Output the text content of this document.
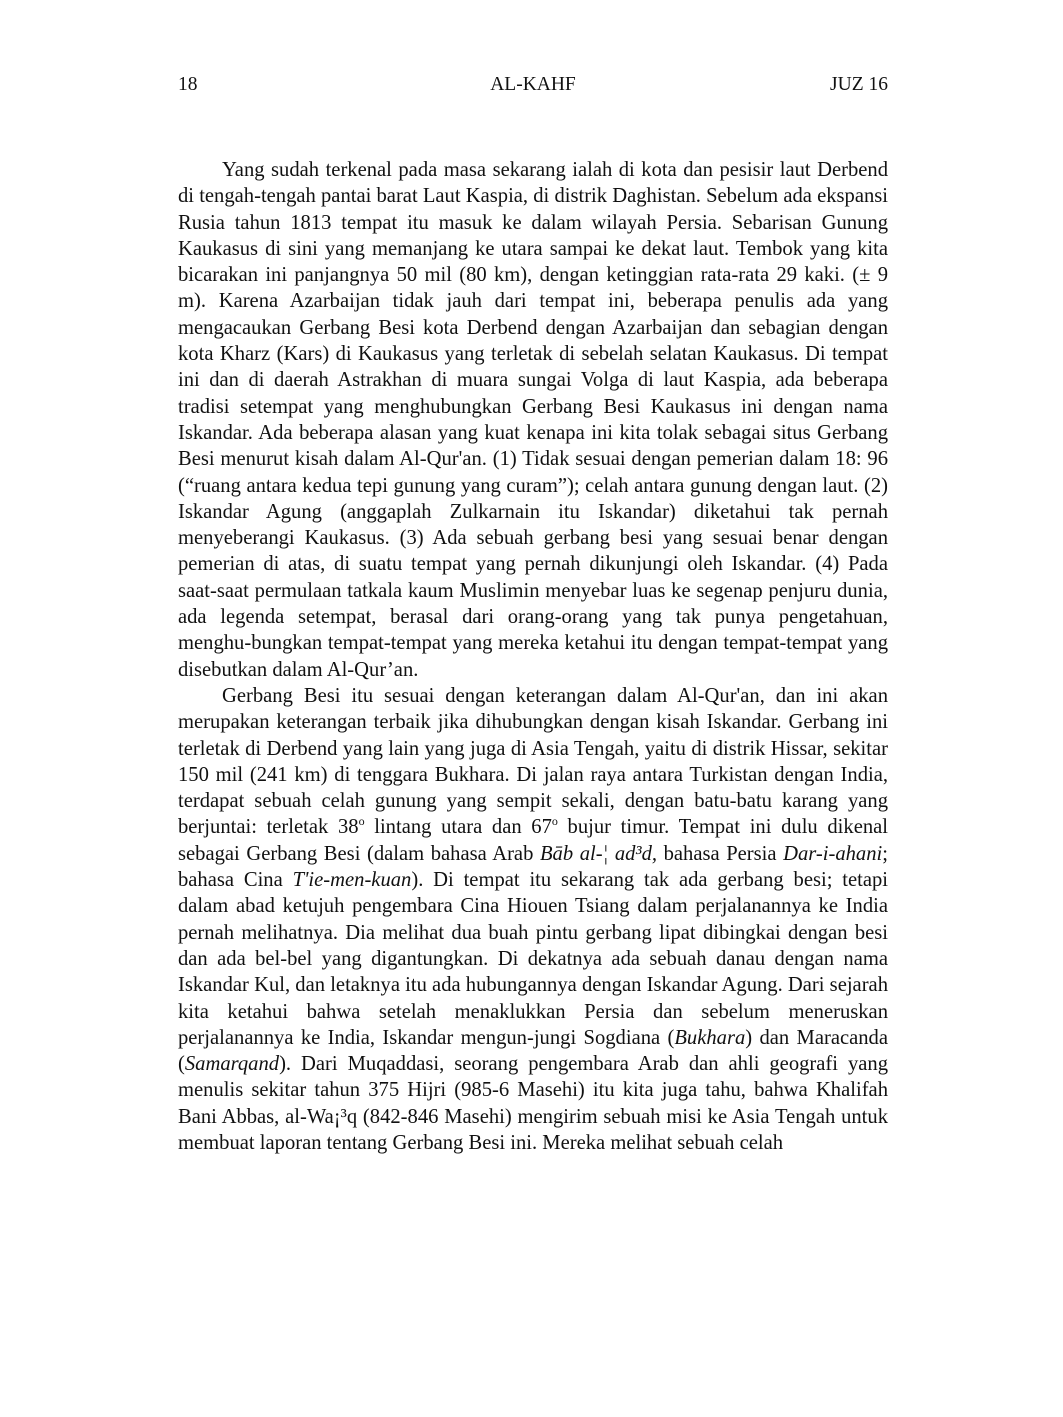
18	AL-KAHF	JUZ 16

Yang sudah terkenal pada masa sekarang ialah di kota dan pesisir laut Derbend di tengah-tengah pantai barat Laut Kaspia, di distrik Daghistan. Sebelum ada ekspansi Rusia tahun 1813 tempat itu masuk ke dalam wilayah Persia. Sebarisan Gunung Kaukasus di sini yang memanjang ke utara sampai ke dekat laut. Tembok yang kita bicarakan ini panjangnya 50 mil (80 km), dengan ketinggian rata-rata 29 kaki. (± 9 m). Karena Azarbaijan tidak jauh dari tempat ini, beberapa penulis ada yang mengacaukan Gerbang Besi kota Derbend dengan Azarbaijan dan sebagian dengan kota Kharz (Kars) di Kaukasus yang terletak di sebelah selatan Kaukasus. Di tempat ini dan di daerah Astrakhan di muara sungai Volga di laut Kaspia, ada beberapa tradisi setempat yang menghubungkan Gerbang Besi Kaukasus ini dengan nama Iskandar. Ada beberapa alasan yang kuat kenapa ini kita tolak sebagai situs Gerbang Besi menurut kisah dalam Al-Qur'an. (1) Tidak sesuai dengan pemerian dalam 18: 96 (“ruang antara kedua tepi gunung yang curam”); celah antara gunung dengan laut. (2) Iskandar Agung (anggaplah Zulkarnain itu Iskandar) diketahui tak pernah menyeberangi Kaukasus. (3) Ada sebuah gerbang besi yang sesuai benar dengan pemerian di atas, di suatu tempat yang pernah dikunjungi oleh Iskandar. (4) Pada saat-saat permulaan tatkala kaum Muslimin menyebar luas ke segenap penjuru dunia, ada legenda setempat, berasal dari orang-orang yang tak punya pengetahuan, menghu-bungkan tempat-tempat yang mereka ketahui itu dengan tempat-tempat yang disebutkan dalam Al-Qur’an.

Gerbang Besi itu sesuai dengan keterangan dalam Al-Qur'an, dan ini akan merupakan keterangan terbaik jika dihubungkan dengan kisah Iskandar. Gerbang ini terletak di Derbend yang lain yang juga di Asia Tengah, yaitu di distrik Hissar, sekitar 150 mil (241 km) di tenggara Bukhara. Di jalan raya antara Turkistan dengan India, terdapat sebuah celah gunung yang sempit sekali, dengan batu-batu karang yang berjuntai: terletak 38$^o$ lintang utara dan 67$^o$ bujur timur. Tempat ini dulu dikenal sebagai Gerbang Besi (dalam bahasa Arab Bāb al-¦ ad³d, bahasa Persia Dar-i-ahani; bahasa Cina T'ie-men-kuan). Di tempat itu sekarang tak ada gerbang besi; tetapi dalam abad ketujuh pengembara Cina Hiouen Tsiang dalam perjalanannya ke India pernah melihatnya. Dia melihat dua buah pintu gerbang lipat dibingkai dengan besi dan ada bel-bel yang digantungkan. Di dekatnya ada sebuah danau dengan nama Iskandar Kul, dan letaknya itu ada hubungannya dengan Iskandar Agung. Dari sejarah kita ketahui bahwa setelah menaklukkan Persia dan sebelum meneruskan perjalanannya ke India, Iskandar mengun-jungi Sogdiana (Bukhara) dan Maracanda (Samarqand). Dari Muqaddasi, seorang pengembara Arab dan ahli geografi yang menulis sekitar tahun 375 Hijri (985-6 Masehi) itu kita juga tahu, bahwa Khalifah Bani Abbas, al-Wa¡³q (842-846 Masehi) mengirim sebuah misi ke Asia Tengah untuk membuat laporan tentang Gerbang Besi ini. Mereka melihat sebuah celah
